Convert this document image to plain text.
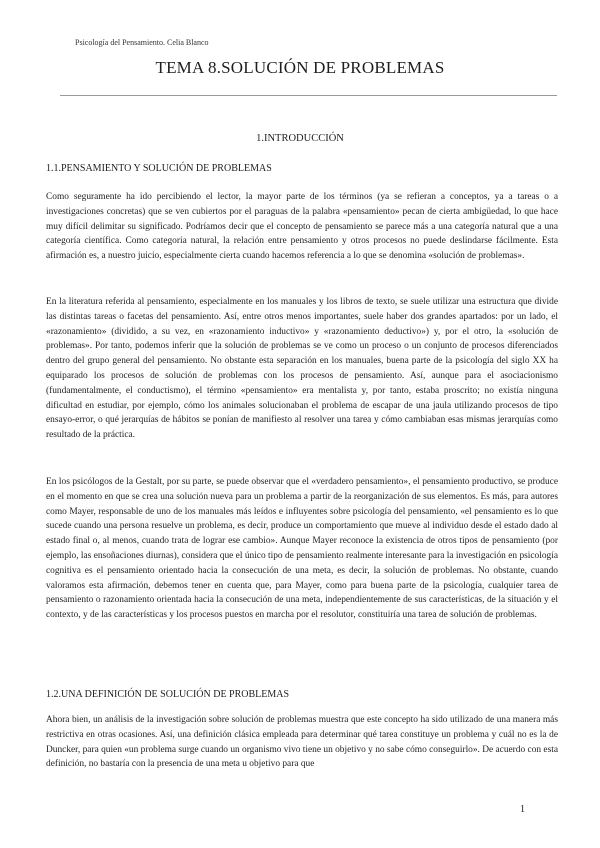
Psicología del Pensamiento. Celia Blanco
TEMA 8.SOLUCIÓN DE PROBLEMAS
1.INTRODUCCIÓN
1.1.PENSAMIENTO Y SOLUCIÓN DE PROBLEMAS

Como seguramente ha ido percibiendo el lector, la mayor parte de los términos (ya se refieran a conceptos, ya a tareas o a investigaciones concretas) que se ven cubiertos por el paraguas de la palabra «pensamiento» pecan de cierta ambigüedad, lo que hace muy difícil delimitar su significado. Podríamos decir que el concepto de pensamiento se parece más a una categoría natural que a una categoría científica. Como categoría natural, la relación entre pensamiento y otros procesos no puede deslindarse fácilmente. Esta afirmación es, a nuestro juicio, especialmente cierta cuando hacemos referencia a lo que se denomina «solución de problemas».

En la literatura referida al pensamiento, especialmente en los manuales y los libros de texto, se suele utilizar una estructura que divide las distintas tareas o facetas del pensamiento. Así, entre otros menos importantes, suele haber dos grandes apartados: por un lado, el «razonamiento» (dividido, a su vez, en «razonamiento inductivo» y «razonamiento deductivo») y, por el otro, la «solución de problemas». Por tanto, podemos inferir que la solución de problemas se ve como un proceso o un conjunto de procesos diferenciados dentro del grupo general del pensamiento. No obstante esta separación en los manuales, buena parte de la psicología del siglo XX ha equiparado los procesos de solución de problemas con los procesos de pensamiento. Así, aunque para el asociacionismo (fundamentalmente, el conductismo), el término «pensamiento» era mentalista y, por tanto, estaba proscrito; no existía ninguna dificultad en estudiar, por ejemplo, cómo los animales solucionaban el problema de escapar de una jaula utilizando procesos de tipo ensayo-error, o qué jerarquías de hábitos se ponían de manifiesto al resolver una tarea y cómo cambiaban esas mismas jerarquías como resultado de la práctica.

En los psicólogos de la Gestalt, por su parte, se puede observar que el «verdadero pensamiento», el pensamiento productivo, se produce en el momento en que se crea una solución nueva para un problema a partir de la reorganización de sus elementos. Es más, para autores como Mayer, responsable de uno de los manuales más leídos e influyentes sobre psicología del pensamiento, «el pensamiento es lo que sucede cuando una persona resuelve un problema, es decir, produce un comportamiento que mueve al individuo desde el estado dado al estado final o, al menos, cuando trata de lograr ese cambio». Aunque Mayer reconoce la existencia de otros tipos de pensamiento (por ejemplo, las ensoñaciones diurnas), considera que el único tipo de pensamiento realmente interesante para la investigación en psicología cognitiva es el pensamiento orientado hacia la consecución de una meta, es decir, la solución de problemas. No obstante, cuando valoramos esta afirmación, debemos tener en cuenta que, para Mayer, como para buena parte de la psicología, cualquier tarea de pensamiento o razonamiento orientada hacia la consecución de una meta, independientemente de sus características, de la situación y el contexto, y de las características y los procesos puestos en marcha por el resolutor, constituiría una tarea de solución de problemas.

1.2.UNA DEFINICIÓN DE SOLUCIÓN DE PROBLEMAS

Ahora bien, un análisis de la investigación sobre solución de problemas muestra que este concepto ha sido utilizado de una manera más restrictiva en otras ocasiones. Así, una definición clásica empleada para determinar qué tarea constituye un problema y cuál no es la de Duncker, para quien «un problema surge cuando un organismo vivo tiene un objetivo y no sabe cómo conseguirlo». De acuerdo con esta definición, no bastaría con la presencia de una meta u objetivo para que

1
